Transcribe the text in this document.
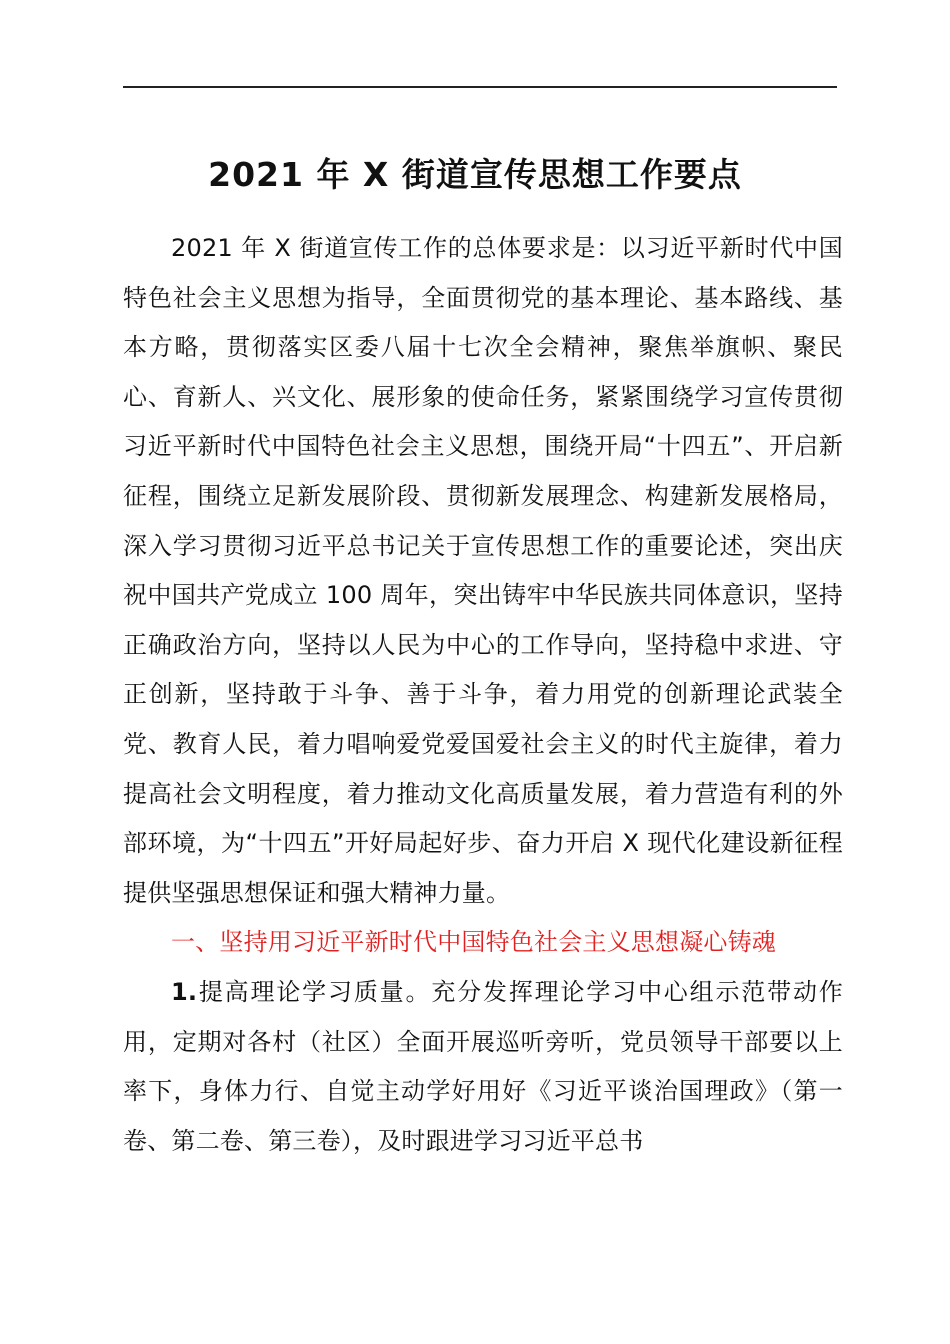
2021 年 X 街道宣传思想工作要点

2021 年 X 街道宣传工作的总体要求是：以习近平新时代中国特色社会主义思想为指导，全面贯彻党的基本理论、基本路线、基本方略，贯彻落实区委八届十七次全会精神，聚焦举旗帜、聚民心、育新人、兴文化、展形象的使命任务，紧紧围绕学习宣传贯彻习近平新时代中国特色社会主义思想，围绕开局“十四五”、开启新征程，围绕立足新发展阶段、贯彻新发展理念、构建新发展格局，深入学习贯彻习近平总书记关于宣传思想工作的重要论述，突出庆祝中国共产党成立 100 周年，突出铸牢中华民族共同体意识，坚持正确政治方向，坚持以人民为中心的工作导向，坚持稳中求进、守正创新，坚持敢于斗争、善于斗争，着力用党的创新理论武装全党、教育人民，着力唱响爱党爱国爱社会主义的时代主旋律，着力提高社会文明程度，着力推动文化高质量发展，着力营造有利的外部环境，为“十四五”开好局起好步、奋力开启 X 现代化建设新征程提供坚强思想保证和强大精神力量。

一、坚持用习近平新时代中国特色社会主义思想凝心铸魂

1.提高理论学习质量。充分发挥理论学习中心组示范带动作用，定期对各村（社区）全面开展巡听旁听，党员领导干部要以上率下，身体力行、自觉主动学好用好《习近平谈治国理政》（第一卷、第二卷、第三卷），及时跟进学习习近平总书
